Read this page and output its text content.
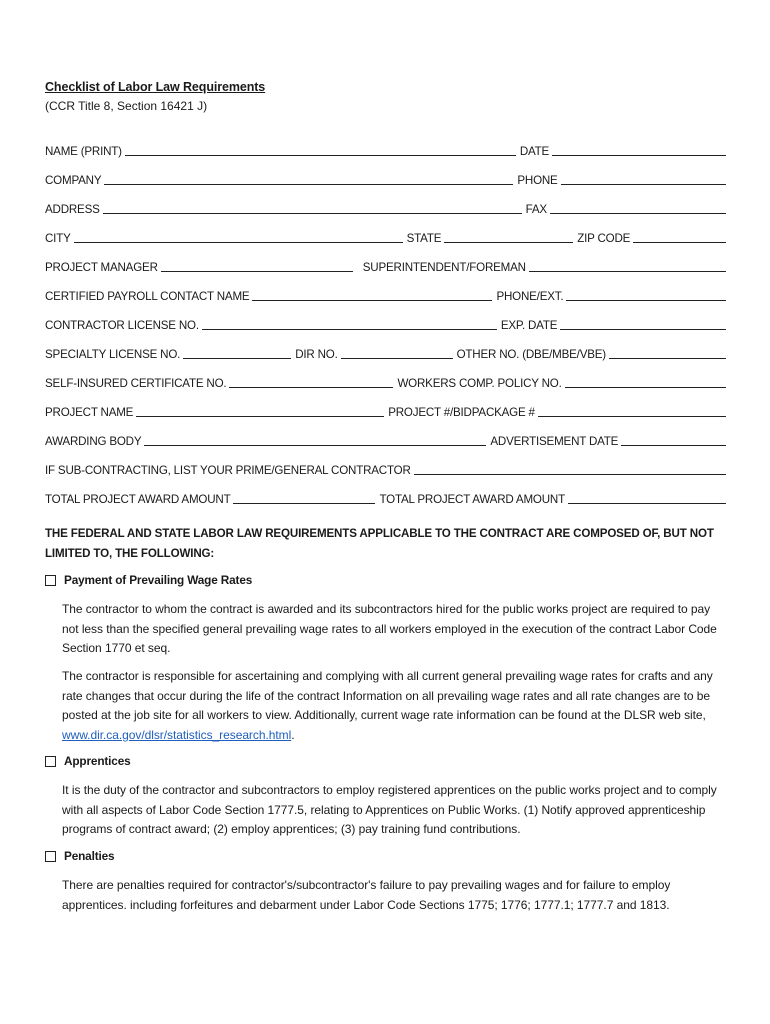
Checklist of Labor Law Requirements
(CCR Title 8, Section 16421 J)
NAME (PRINT)	DATE
COMPANY	PHONE
ADDRESS	FAX
CITY	STATE	ZIP CODE
PROJECT MANAGER	SUPERINTENDENT/FOREMAN
CERTIFIED PAYROLL CONTACT NAME	PHONE/EXT.
CONTRACTOR LICENSE NO.	EXP. DATE
SPECIALTY LICENSE NO.	DIR NO.	OTHER NO. (DBE/MBE/VBE)
SELF-INSURED CERTIFICATE NO.	WORKERS COMP. POLICY NO.
PROJECT NAME	PROJECT #/BIDPACKAGE #
AWARDING BODY	ADVERTISEMENT DATE
IF SUB-CONTRACTING, LIST YOUR PRIME/GENERAL CONTRACTOR
TOTAL PROJECT AWARD AMOUNT	TOTAL PROJECT AWARD AMOUNT
THE FEDERAL AND STATE LABOR LAW REQUIREMENTS APPLICABLE TO THE CONTRACT ARE COMPOSED OF, BUT NOT LIMITED TO, THE FOLLOWING:
Payment of Prevailing Wage Rates
The contractor to whom the contract is awarded and its subcontractors hired for the public works project are required to pay not less than the specified general prevailing wage rates to all workers employed in the execution of the contract Labor Code Section 1770 et seq.
The contractor is responsible for ascertaining and complying with all current general prevailing wage rates for crafts and any rate changes that occur during the life of the contract Information on all prevailing wage rates and all rate changes are to be posted at the job site for all workers to view. Additionally, current wage rate information can be found at the DLSR web site, www.dir.ca.gov/dlsr/statistics_research.html.
Apprentices
It is the duty of the contractor and subcontractors to employ registered apprentices on the public works project and to comply with all aspects of Labor Code Section 1777.5, relating to Apprentices on Public Works. (1) Notify approved apprenticeship programs of contract award; (2) employ apprentices; (3) pay training fund contributions.
Penalties
There are penalties required for contractor's/subcontractor's failure to pay prevailing wages and for failure to employ apprentices. including forfeitures and debarment under Labor Code Sections 1775; 1776; 1777.1; 1777.7 and 1813.
